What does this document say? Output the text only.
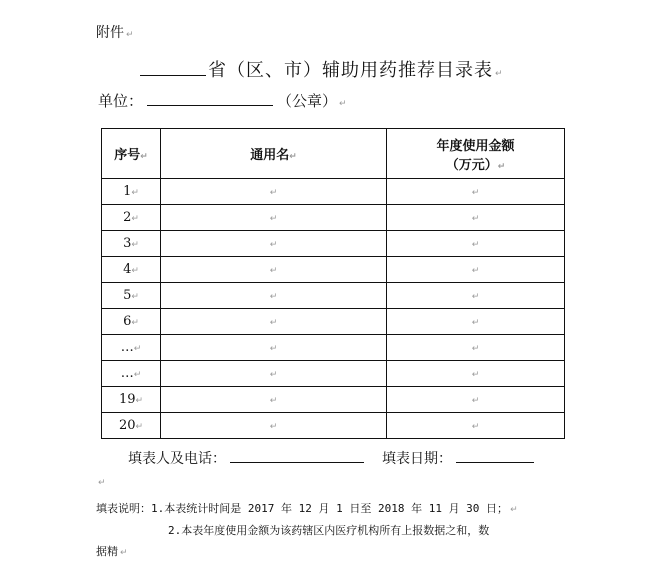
附件 ↵
省（区、市）辅助用药推荐目录表 ↵
单位：	（公章） ↵
序号↵	通用名↵	年度使用金额
（万元）↵

1↵	↵	↵
2↵	↵	↵
3↵	↵	↵
4↵	↵	↵
5↵	↵	↵
6↵	↵	↵
…↵	↵	↵
…↵	↵	↵
19↵	↵	↵
20↵	↵	↵
填表人及电话：	填表日期：
↵
填表说明：1.本表统计时间是 2017 年 12 月 1 日至 2018 年 11 月 30 日； ↵
2.本表年度使用金额为该药辖区内医疗机构所有上报数据之和，数
据精 ↵
